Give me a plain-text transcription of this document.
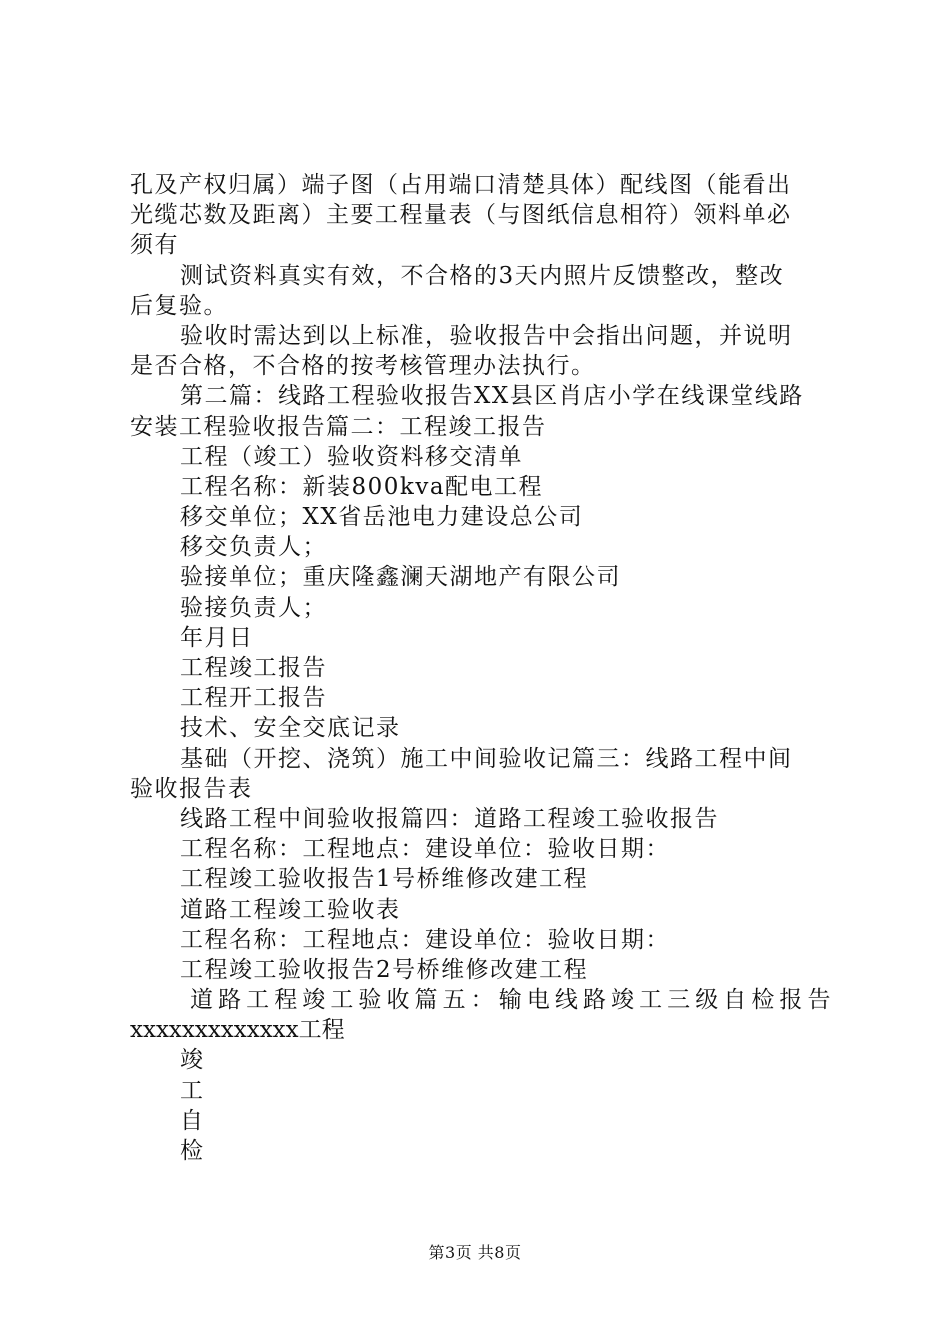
孔及产权归属）端子图（占用端口清楚具体）配线图（能看出
光缆芯数及距离）主要工程量表（与图纸信息相符）领料单必
须有
测试资料真实有效，不合格的3天内照片反馈整改，整改
后复验。
验收时需达到以上标准，验收报告中会指出问题，并说明
是否合格，不合格的按考核管理办法执行。
第二篇：线路工程验收报告XX县区肖店小学在线课堂线路
安装工程验收报告篇二：工程竣工报告
工程（竣工）验收资料移交清单
工程名称：新装800kva配电工程
移交单位；XX省岳池电力建设总公司
移交负责人；
验接单位；重庆隆鑫澜天湖地产有限公司
验接负责人；
年月日
工程竣工报告
工程开工报告
技术、安全交底记录
基础（开挖、浇筑）施工中间验收记篇三：线路工程中间
验收报告表
线路工程中间验收报篇四：道路工程竣工验收报告
工程名称：工程地点：建设单位：验收日期：
工程竣工验收报告1号桥维修改建工程
道路工程竣工验收表
工程名称：工程地点：建设单位：验收日期：
工程竣工验收报告2号桥维修改建工程
道路工程竣工验收篇五：输电线路竣工三级自检报告
xxxxxxxxxxxxx工程
竣
工
自
检
第3页 共8页
